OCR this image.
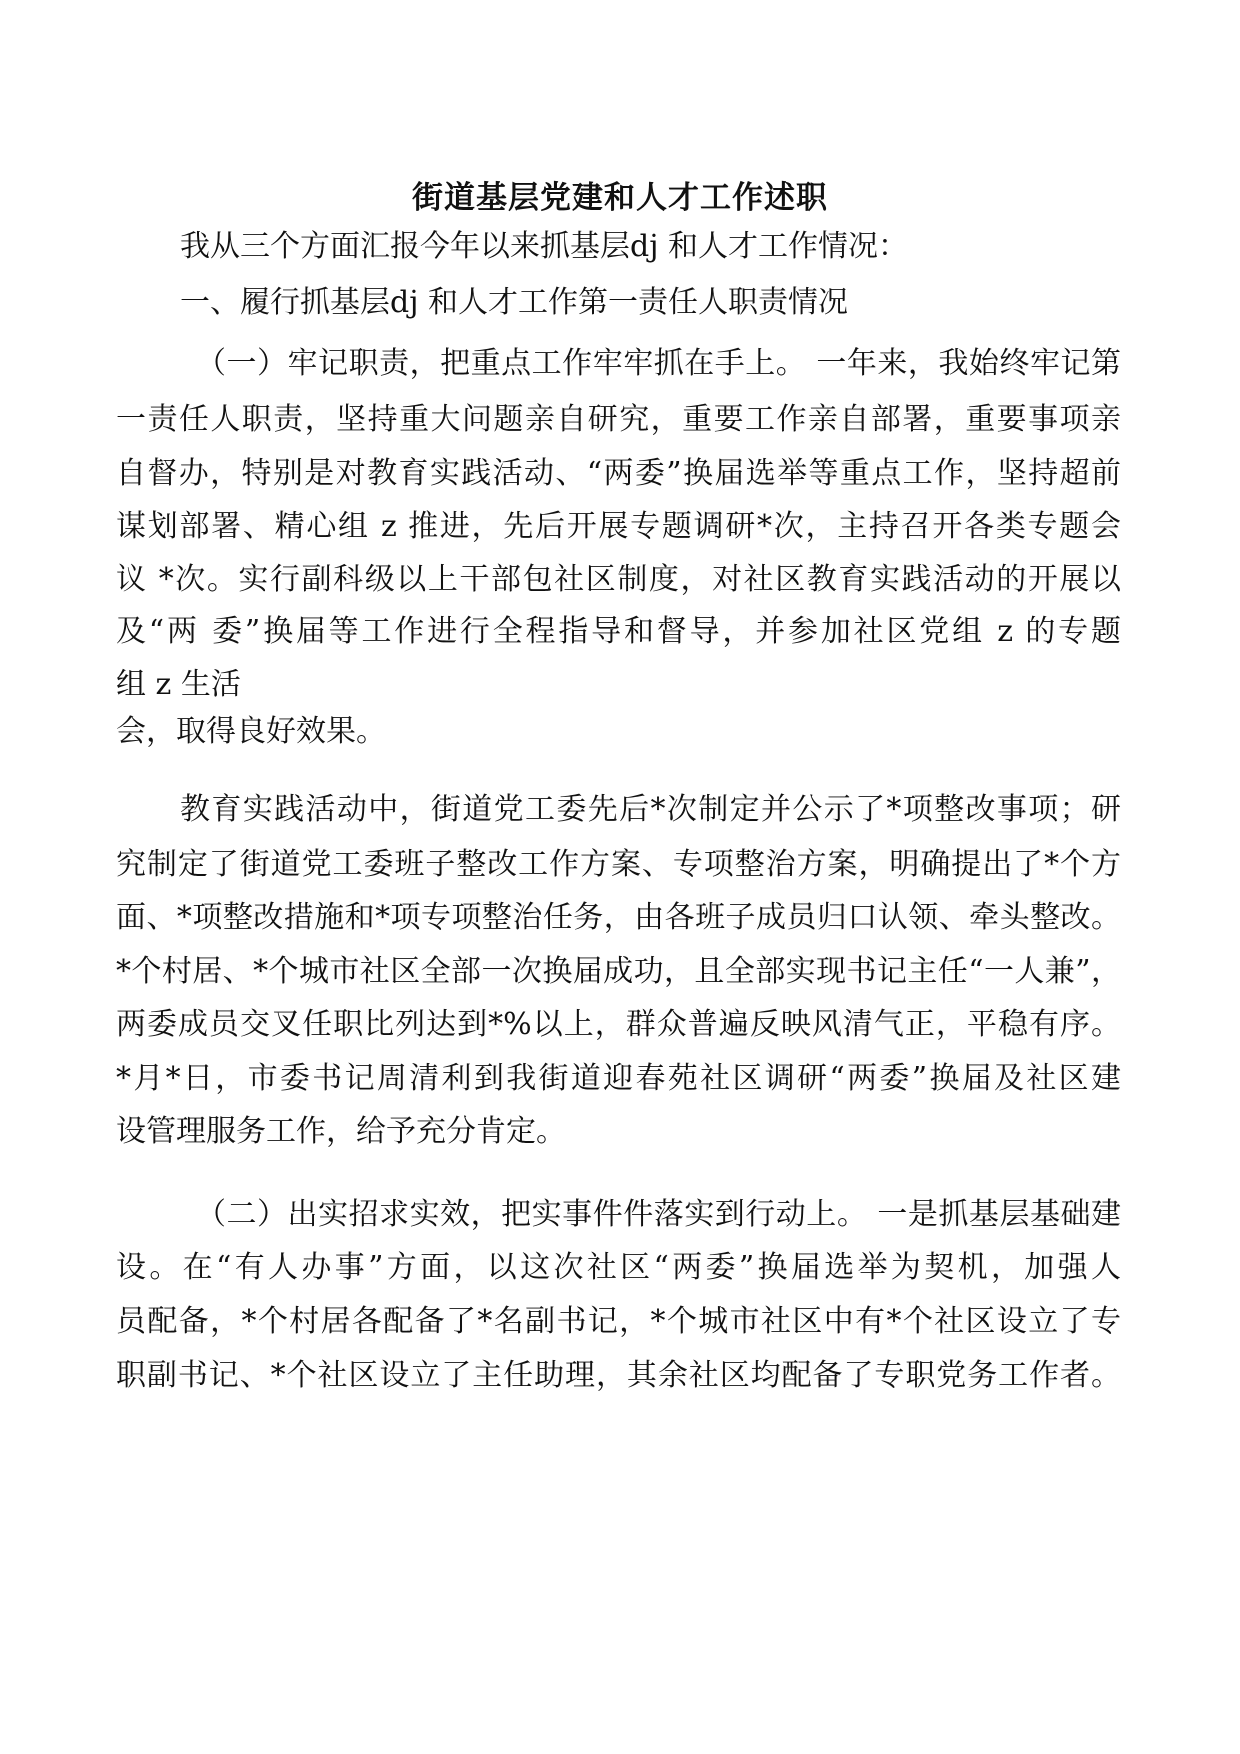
街道基层党建和人才工作述职
我从三个方面汇报今年以来抓基层dj 和人才工作情况：
一、履行抓基层dj 和人才工作第一责任人职责情况
（一）牢记职责，把重点工作牢牢抓在手上。 一年来，我始终牢记第
一责任人职责，坚持重大问题亲自研究，重要工作亲自部署，重要事项亲
自督办，特别是对教育实践活动、“两委”换届选举等重点工作，坚持超前
谋划部署、精心组 z 推进，先后开展专题调研*次，主持召开各类专题会
议 *次。实行副科级以上干部包社区制度，对社区教育实践活动的开展以
及“两 委”换届等工作进行全程指导和督导，并参加社区党组 z 的专题
组 z 生活
会，取得良好效果。
教育实践活动中，街道党工委先后*次制定并公示了*项整改事项；研
究制定了街道党工委班子整改工作方案、专项整治方案，明确提出了*个方
面、*项整改措施和*项专项整治任务，由各班子成员归口认领、牵头整改。
*个村居、*个城市社区全部一次换届成功，且全部实现书记主任“一人兼”，
两委成员交叉任职比列达到*%以上，群众普遍反映风清气正，平稳有序。
*月*日，市委书记周清利到我街道迎春苑社区调研“两委”换届及社区建
设管理服务工作，给予充分肯定。
（二）出实招求实效，把实事件件落实到行动上。 一是抓基层基础建
设。在“有人办事”方面，以这次社区“两委”换届选举为契机，加强人
员配备，*个村居各配备了*名副书记，*个城市社区中有*个社区设立了专
职副书记、*个社区设立了主任助理，其余社区均配备了专职党务工作者。
